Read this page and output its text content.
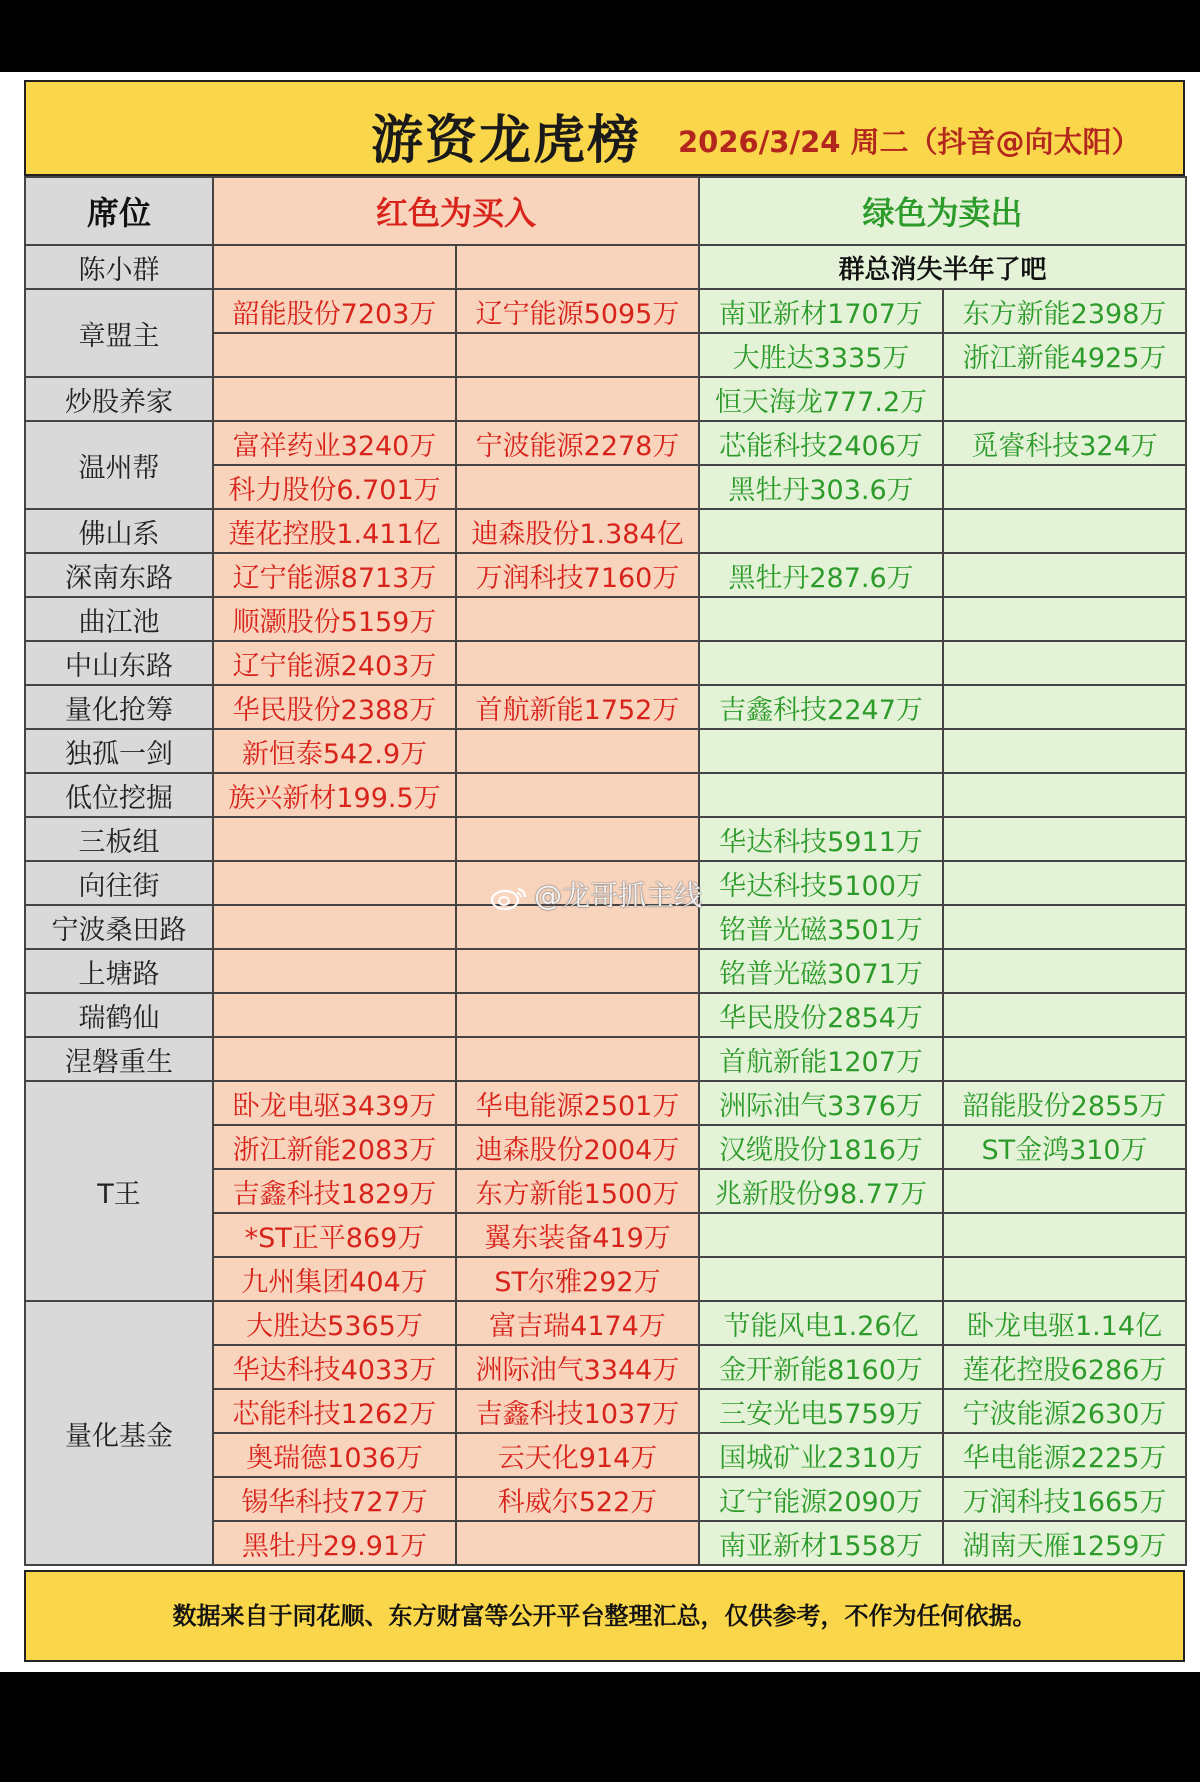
游资龙虎榜 2026/3/24 周二（抖音@向太阳）
席位	红色为买入		绿色为卖出	
陈小群			群总消失半年了吧	
章盟主	韶能股份7203万	辽宁能源5095万	南亚新材1707万	东方新能2398万
			大胜达3335万	浙江新能4925万
炒股养家			恒天海龙777.2万	
温州帮	富祥药业3240万	宁波能源2278万	芯能科技2406万	觅睿科技324万
	科力股份6.701万		黑牡丹303.6万	
佛山系	莲花控股1.411亿	迪森股份1.384亿		
深南东路	辽宁能源8713万	万润科技7160万	黑牡丹287.6万	
曲江池	顺灏股份5159万			
中山东路	辽宁能源2403万			
量化抢筹	华民股份2388万	首航新能1752万	吉鑫科技2247万	
独孤一剑	新恒泰542.9万			
低位挖掘	族兴新材199.5万			
三板组			华达科技5911万	
向往街			华达科技5100万	
宁波桑田路			铭普光磁3501万	
上塘路			铭普光磁3071万	
瑞鹤仙			华民股份2854万	
涅磐重生			首航新能1207万	
T王	卧龙电驱3439万	华电能源2501万	洲际油气3376万	韶能股份2855万
	浙江新能2083万	迪森股份2004万	汉缆股份1816万	ST金鸿310万
	吉鑫科技1829万	东方新能1500万	兆新股份98.77万	
	*ST正平869万	翼东装备419万		
	九州集团404万	ST尔雅292万		
量化基金	大胜达5365万	富吉瑞4174万	节能风电1.26亿	卧龙电驱1.14亿
	华达科技4033万	洲际油气3344万	金开新能8160万	莲花控股6286万
	芯能科技1262万	吉鑫科技1037万	三安光电5759万	宁波能源2630万
	奥瑞德1036万	云天化914万	国城矿业2310万	华电能源2225万
	锡华科技727万	科威尔522万	辽宁能源2090万	万润科技1665万
	黑牡丹29.91万		南亚新材1558万	湖南天雁1259万
@龙哥抓主线
数据来自于同花顺、东方财富等公开平台整理汇总，仅供参考，不作为任何依据。
